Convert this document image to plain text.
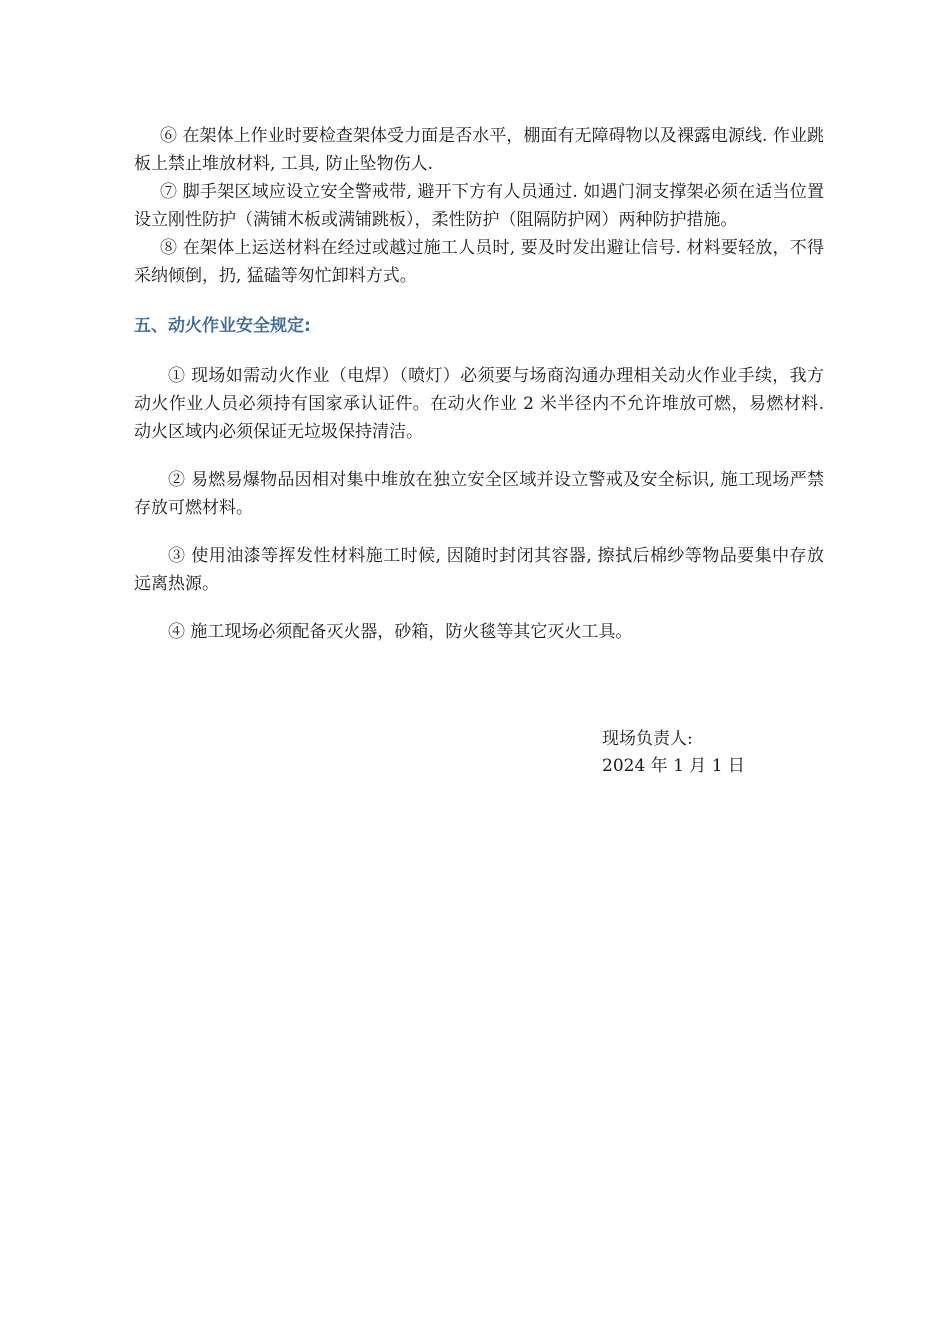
⑥ 在架体上作业时要检查架体受力面是否水平，棚面有无障碍物以及裸露电源线. 作业跳板上禁止堆放材料, 工具, 防止坠物伤人.

⑦ 脚手架区域应设立安全警戒带, 避开下方有人员通过. 如遇门洞支撑架必须在适当位置设立刚性防护（满铺木板或满铺跳板），柔性防护（阻隔防护网）两种防护措施。

⑧ 在架体上运送材料在经过或越过施工人员时, 要及时发出避让信号. 材料要轻放，不得采纳倾倒，扔, 猛磕等匆忙卸料方式。

五、动火作业安全规定:

① 现场如需动火作业（电焊）（喷灯）必须要与场商沟通办理相关动火作业手续，我方动火作业人员必须持有国家承认证件。在动火作业 2 米半径内不允许堆放可燃，易燃材料. 动火区域内必须保证无垃圾保持清洁。

② 易燃易爆物品因相对集中堆放在独立安全区域并设立警戒及安全标识, 施工现场严禁存放可燃材料。

③ 使用油漆等挥发性材料施工时候, 因随时封闭其容器, 擦拭后棉纱等物品要集中存放远离热源。

④ 施工现场必须配备灭火器，砂箱，防火毯等其它灭火工具。

现场负责人:
2024 年 1 月 1 日
